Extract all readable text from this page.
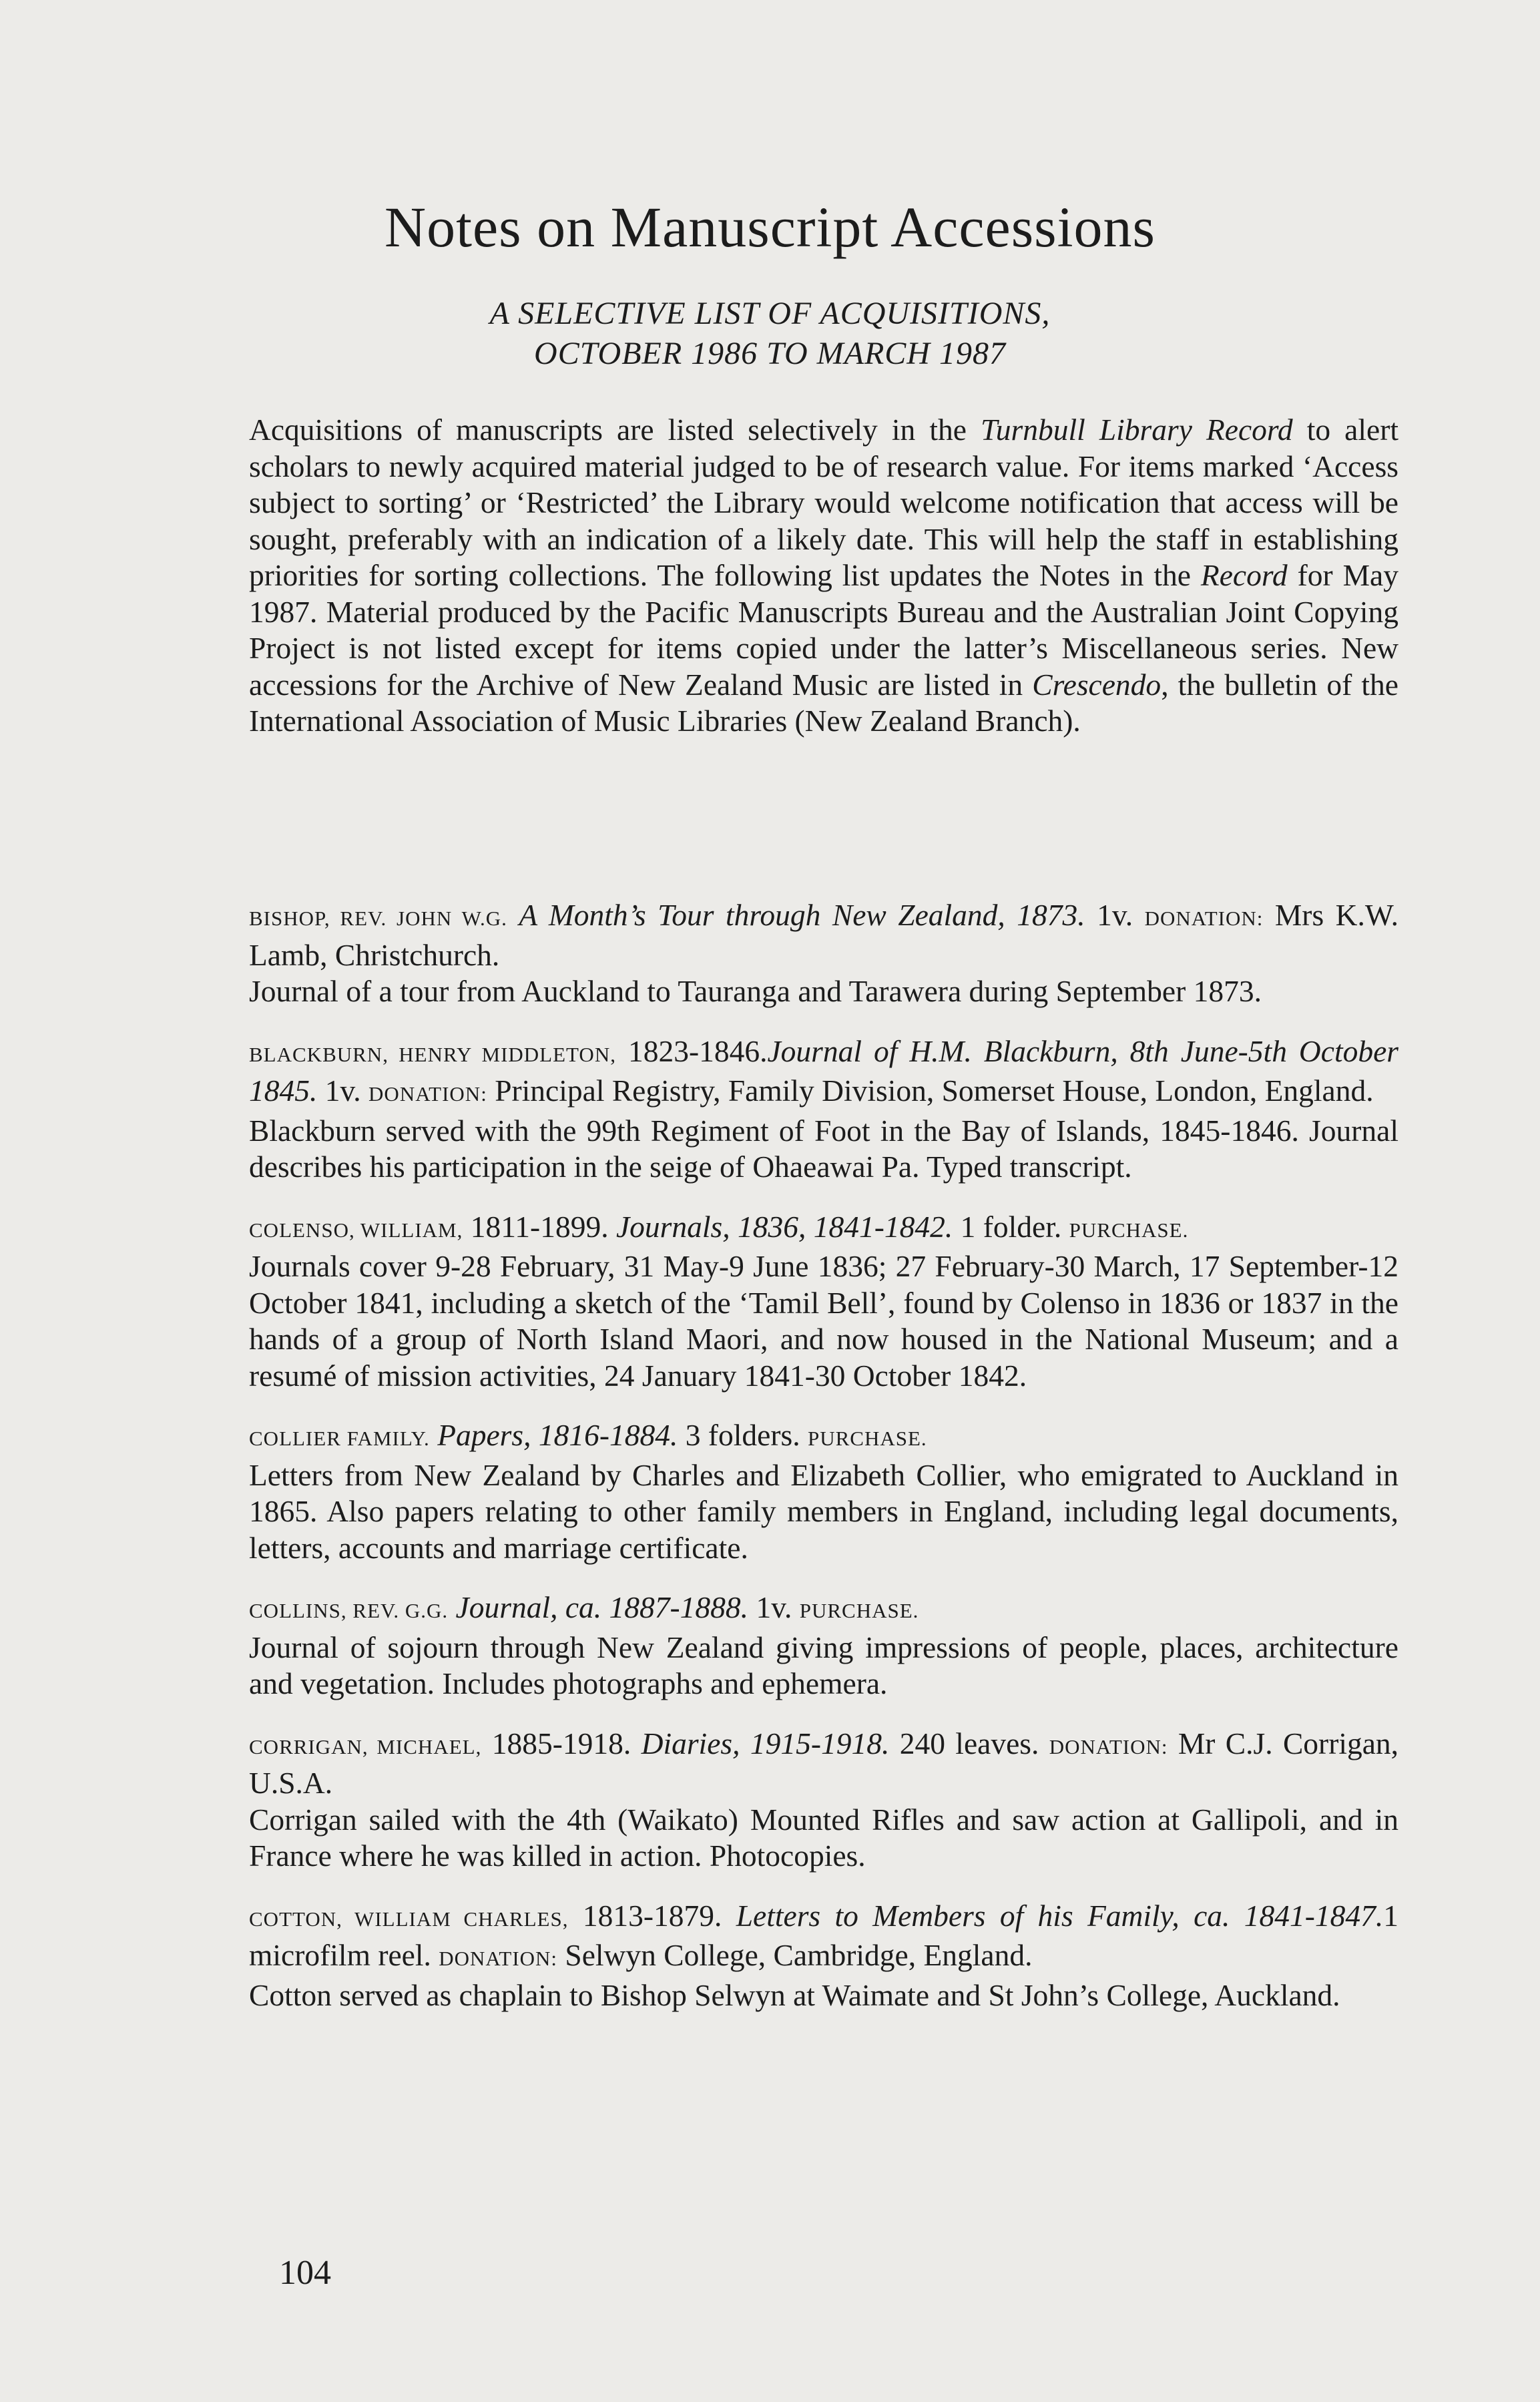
Notes on Manuscript Accessions
A SELECTIVE LIST OF ACQUISITIONS,
OCTOBER 1986 TO MARCH 1987

Acquisitions of manuscripts are listed selectively in the Turnbull Library Record to alert scholars to newly acquired material judged to be of research value. For items marked ‘Access subject to sorting’ or ‘Restricted’ the Library would welcome notification that access will be sought, preferably with an indication of a likely date. This will help the staff in establishing priorities for sorting collections. The following list updates the Notes in the Record for May 1987. Material produced by the Pacific Manuscripts Bureau and the Australian Joint Copying Project is not listed except for items copied under the latter’s Miscellaneous series. New accessions for the Archive of New Zealand Music are listed in Crescendo, the bulletin of the International Association of Music Libraries (New Zealand Branch).

BISHOP, REV. JOHN W.G. A Month’s Tour through New Zealand, 1873. 1v. DONATION: Mrs K.W. Lamb, Christchurch.

Journal of a tour from Auckland to Tauranga and Tarawera during September 1873.

BLACKBURN, HENRY MIDDLETON, 1823-1846.Journal of H.M. Blackburn, 8th June-5th October 1845. 1v. DONATION: Principal Registry, Family Division, Somerset House, London, England.

Blackburn served with the 99th Regiment of Foot in the Bay of Islands, 1845-1846. Journal describes his participation in the seige of Ohaeawai Pa. Typed transcript.

COLENSO, WILLIAM, 1811-1899. Journals, 1836, 1841-1842. 1 folder. PURCHASE.

Journals cover 9-28 February, 31 May-9 June 1836; 27 February-30 March, 17 September-12 October 1841, including a sketch of the ‘Tamil Bell’, found by Colenso in 1836 or 1837 in the hands of a group of North Island Maori, and now housed in the National Museum; and a resumé of mission activities, 24 January 1841-30 October 1842.

COLLIER FAMILY. Papers, 1816-1884. 3 folders. PURCHASE.

Letters from New Zealand by Charles and Elizabeth Collier, who emigrated to Auckland in 1865. Also papers relating to other family members in England, including legal documents, letters, accounts and marriage certificate.

COLLINS, REV. G.G. Journal, ca. 1887-1888. 1v. PURCHASE.

Journal of sojourn through New Zealand giving impressions of people, places, architecture and vegetation. Includes photographs and ephemera.

CORRIGAN, MICHAEL, 1885-1918. Diaries, 1915-1918. 240 leaves. DONATION: Mr C.J. Corrigan, U.S.A.

Corrigan sailed with the 4th (Waikato) Mounted Rifles and saw action at Gallipoli, and in France where he was killed in action. Photocopies.

COTTON, WILLIAM CHARLES, 1813-1879. Letters to Members of his Family, ca. 1841-1847.1 microfilm reel. DONATION: Selwyn College, Cambridge, England.

Cotton served as chaplain to Bishop Selwyn at Waimate and St John’s College, Auckland.

104
